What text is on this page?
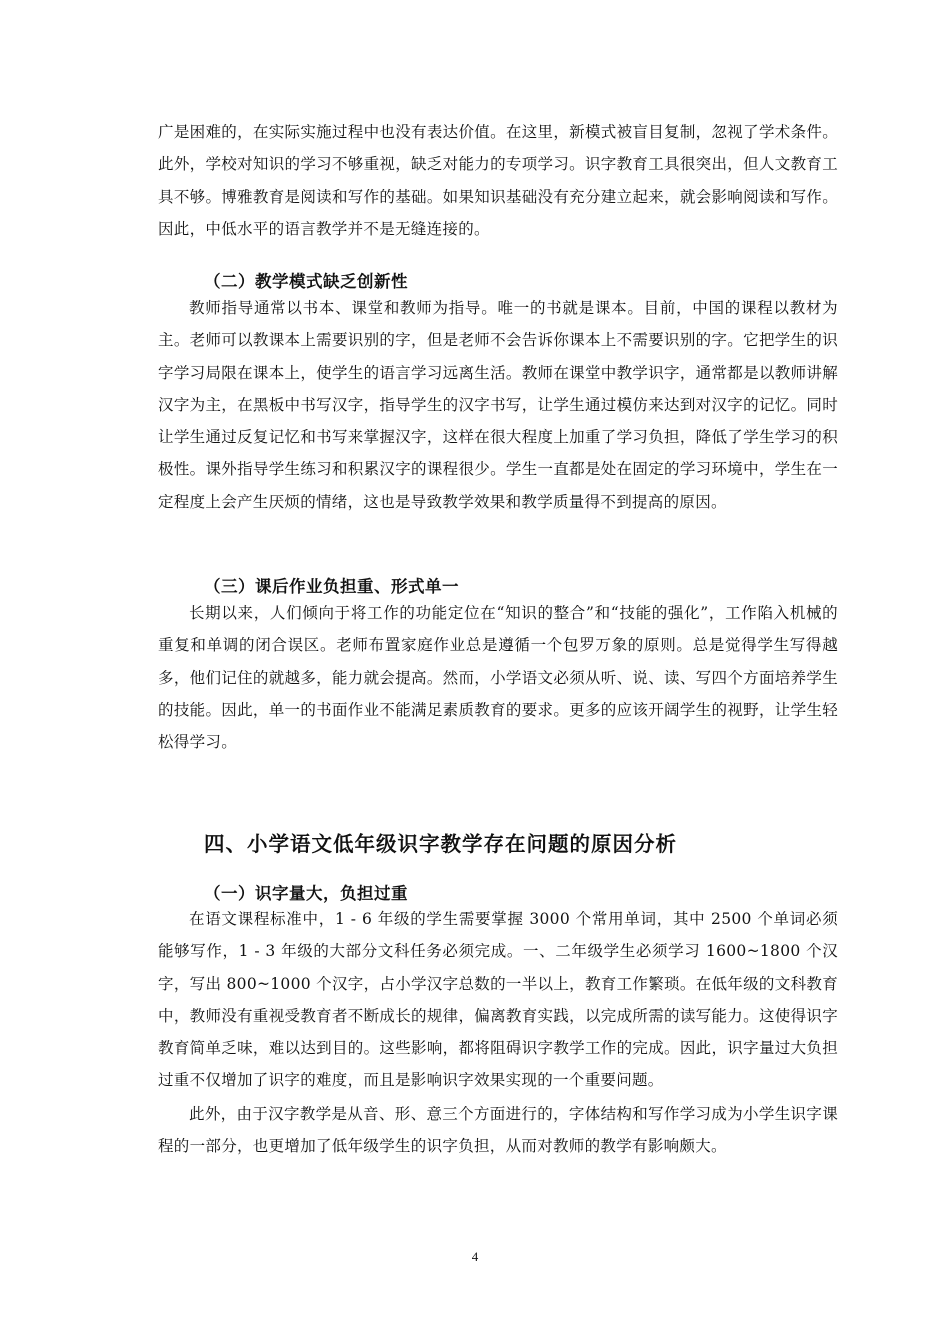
广是困难的，在实际实施过程中也没有表达价值。在这里，新模式被盲目复制，忽视了学术条件。此外，学校对知识的学习不够重视，缺乏对能力的专项学习。识字教育工具很突出，但人文教育工具不够。博雅教育是阅读和写作的基础。如果知识基础没有充分建立起来，就会影响阅读和写作。因此，中低水平的语言教学并不是无缝连接的。

（二）教学模式缺乏创新性

教师指导通常以书本、课堂和教师为指导。唯一的书就是课本。目前，中国的课程以教材为主。老师可以教课本上需要识别的字，但是老师不会告诉你课本上不需要识别的字。它把学生的识字学习局限在课本上，使学生的语言学习远离生活。教师在课堂中教学识字，通常都是以教师讲解汉字为主，在黑板中书写汉字，指导学生的汉字书写，让学生通过模仿来达到对汉字的记忆。同时让学生通过反复记忆和书写来掌握汉字，这样在很大程度上加重了学习负担，降低了学生学习的积极性。课外指导学生练习和积累汉字的课程很少。学生一直都是处在固定的学习环境中，学生在一定程度上会产生厌烦的情绪，这也是导致教学效果和教学质量得不到提高的原因。

（三）课后作业负担重、形式单一

长期以来，人们倾向于将工作的功能定位在“知识的整合”和“技能的强化”，工作陷入机械的重复和单调的闭合误区。老师布置家庭作业总是遵循一个包罗万象的原则。总是觉得学生写得越多，他们记住的就越多，能力就会提高。然而，小学语文必须从听、说、读、写四个方面培养学生的技能。因此，单一的书面作业不能满足素质教育的要求。更多的应该开阔学生的视野，让学生轻松得学习。

四、小学语文低年级识字教学存在问题的原因分析
（一）识字量大，负担过重

在语文课程标准中，1 - 6 年级的学生需要掌握 3000 个常用单词，其中 2500 个单词必须能够写作，1 - 3 年级的大部分文科任务必须完成。一、二年级学生必须学习 1600~1800 个汉字，写出 800~1000 个汉字，占小学汉字总数的一半以上，教育工作繁琐。在低年级的文科教育中，教师没有重视受教育者不断成长的规律，偏离教育实践，以完成所需的读写能力。这使得识字教育简单乏味，难以达到目的。这些影响，都将阻碍识字教学工作的完成。因此，识字量过大负担过重不仅增加了识字的难度，而且是影响识字效果实现的一个重要问题。

此外，由于汉字教学是从音、形、意三个方面进行的，字体结构和写作学习成为小学生识字课程的一部分，也更增加了低年级学生的识字负担，从而对教师的教学有影响颇大。

4
